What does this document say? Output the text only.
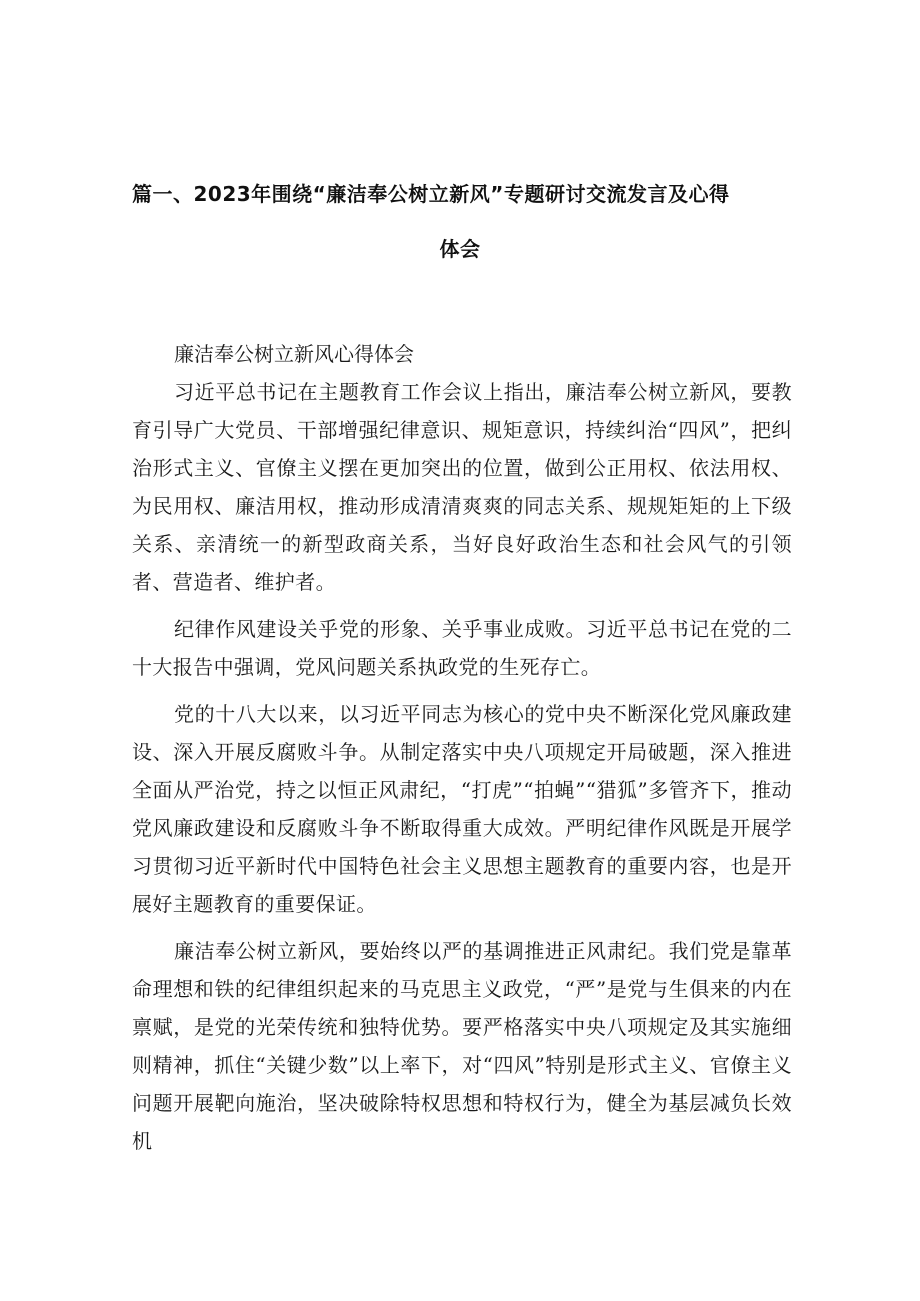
篇一、2023年围绕“廉洁奉公树立新风”专题研讨交流发言及心得
体会

廉洁奉公树立新风心得体会

习近平总书记在主题教育工作会议上指出，廉洁奉公树立新风，要教育引导广大党员、干部增强纪律意识、规矩意识，持续纠治“四风”，把纠治形式主义、官僚主义摆在更加突出的位置，做到公正用权、依法用权、为民用权、廉洁用权，推动形成清清爽爽的同志关系、规规矩矩的上下级关系、亲清统一的新型政商关系，当好良好政治生态和社会风气的引领者、营造者、维护者。

纪律作风建设关乎党的形象、关乎事业成败。习近平总书记在党的二十大报告中强调，党风问题关系执政党的生死存亡。

党的十八大以来，以习近平同志为核心的党中央不断深化党风廉政建设、深入开展反腐败斗争。从制定落实中央八项规定开局破题，深入推进全面从严治党，持之以恒正风肃纪，“打虎”“拍蝇”“猎狐”多管齐下，推动党风廉政建设和反腐败斗争不断取得重大成效。严明纪律作风既是开展学习贯彻习近平新时代中国特色社会主义思想主题教育的重要内容，也是开展好主题教育的重要保证。

廉洁奉公树立新风，要始终以严的基调推进正风肃纪。我们党是靠革命理想和铁的纪律组织起来的马克思主义政党，“严”是党与生俱来的内在禀赋，是党的光荣传统和独特优势。要严格落实中央八项规定及其实施细则精神，抓住“关键少数”以上率下，对“四风”特别是形式主义、官僚主义问题开展靶向施治，坚决破除特权思想和特权行为，健全为基层减负长效机
